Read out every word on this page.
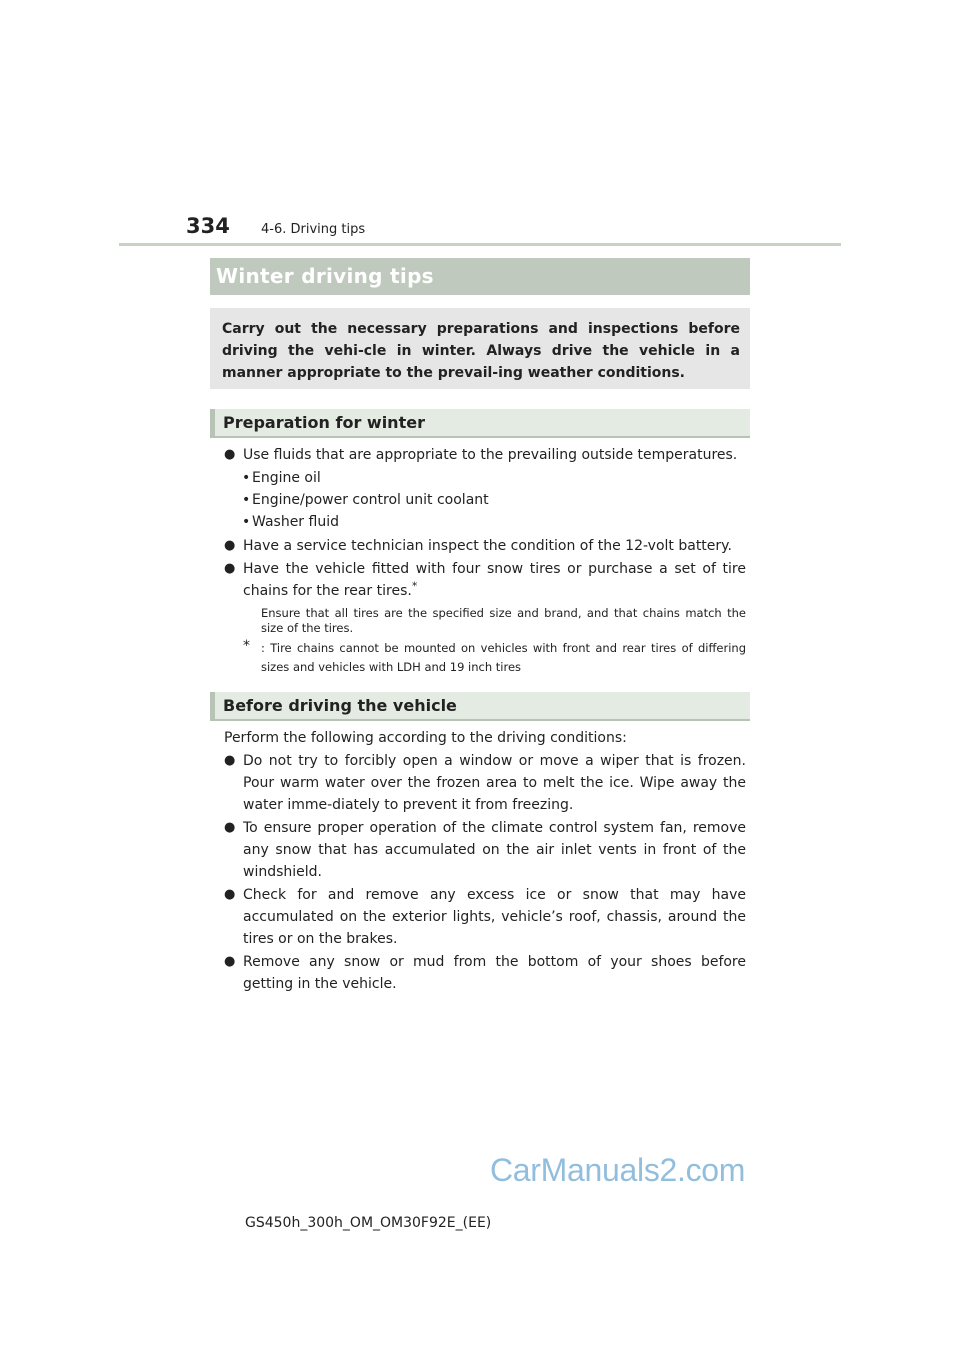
334 4-6. Driving tips
Winter driving tips
Carry out the necessary preparations and inspections before driving the vehi-cle in winter. Always drive the vehicle in a manner appropriate to the prevail-ing weather conditions.
Preparation for winter
● Use fluids that are appropriate to the prevailing outside temperatures.
• Engine oil
• Engine/power control unit coolant
• Washer fluid
● Have a service technician inspect the condition of the 12-volt battery.
● Have the vehicle fitted with four snow tires or purchase a set of tire chains for the rear tires.*
Ensure that all tires are the specified size and brand, and that chains match the size of the tires.
* : Tire chains cannot be mounted on vehicles with front and rear tires of differing sizes and vehicles with LDH and 19 inch tires
Before driving the vehicle
Perform the following according to the driving conditions:
● Do not try to forcibly open a window or move a wiper that is frozen. Pour warm water over the frozen area to melt the ice. Wipe away the water imme-diately to prevent it from freezing.
● To ensure proper operation of the climate control system fan, remove any snow that has accumulated on the air inlet vents in front of the windshield.
● Check for and remove any excess ice or snow that may have accumulated on the exterior lights, vehicle’s roof, chassis, around the tires or on the brakes.
● Remove any snow or mud from the bottom of your shoes before getting in the vehicle.
CarManuals2.com
GS450h_300h_OM_OM30F92E_(EE)
